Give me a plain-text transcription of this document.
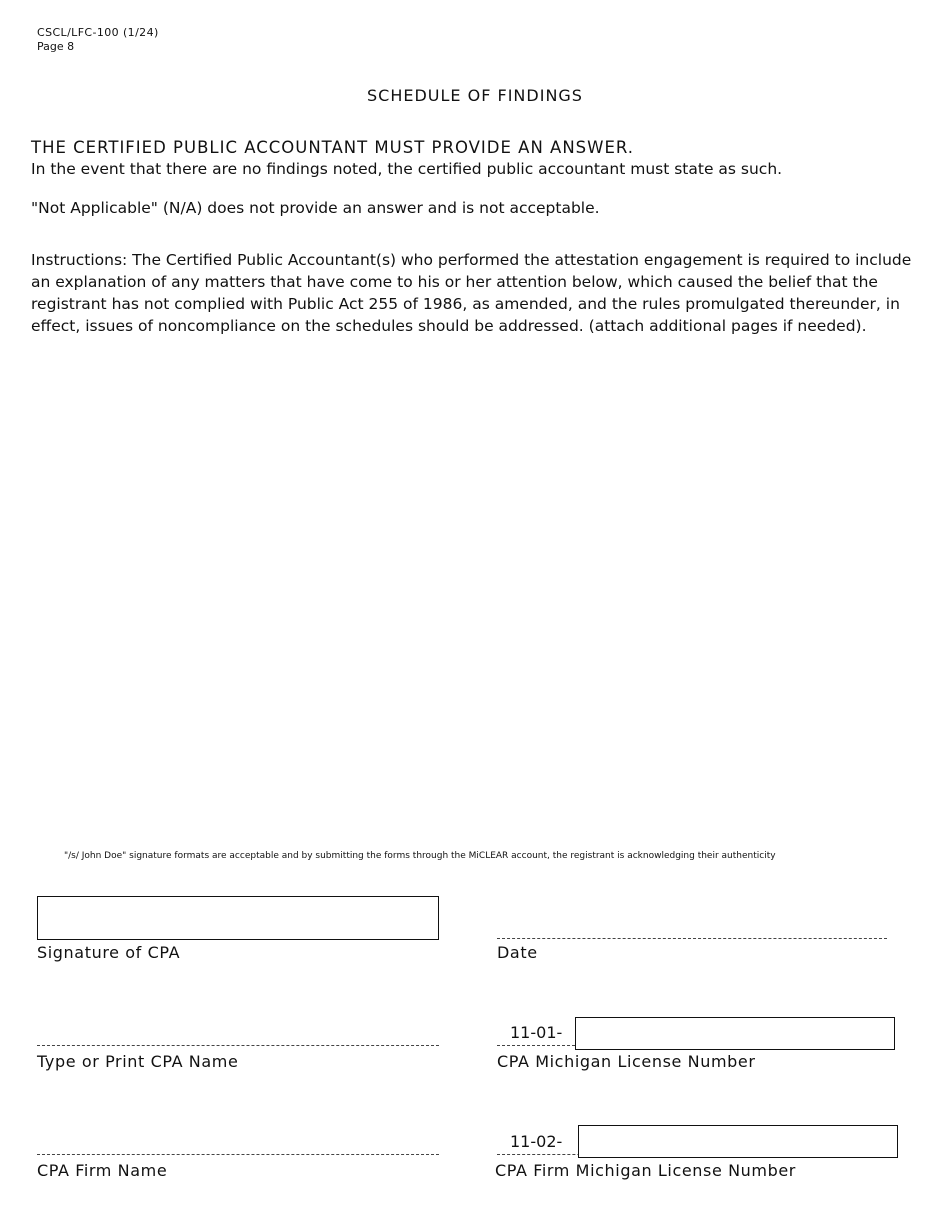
CSCL/LFC-100 (1/24)
Page 8
SCHEDULE OF FINDINGS
THE CERTIFIED PUBLIC ACCOUNTANT MUST PROVIDE AN ANSWER.
In the event that there are no findings noted, the certified public accountant must state as such.
"Not Applicable" (N/A) does not provide an answer and is not acceptable.

Instructions: The Certified Public Accountant(s) who performed the attestation engagement is required to include an explanation of any matters that have come to his or her attention below, which caused the belief that the registrant has not complied with Public Act 255 of 1986, as amended, and the rules promulgated thereunder, in effect, issues of noncompliance on the schedules should be addressed. (attach additional pages if needed).

"/s/ John Doe" signature formats are acceptable and by submitting the forms through the MiCLEAR account, the registrant is acknowledging their authenticity
Signature of CPA	Date
Type or Print CPA Name
11-01-
CPA Michigan License Number
CPA Firm Name
11-02-
CPA Firm Michigan License Number
